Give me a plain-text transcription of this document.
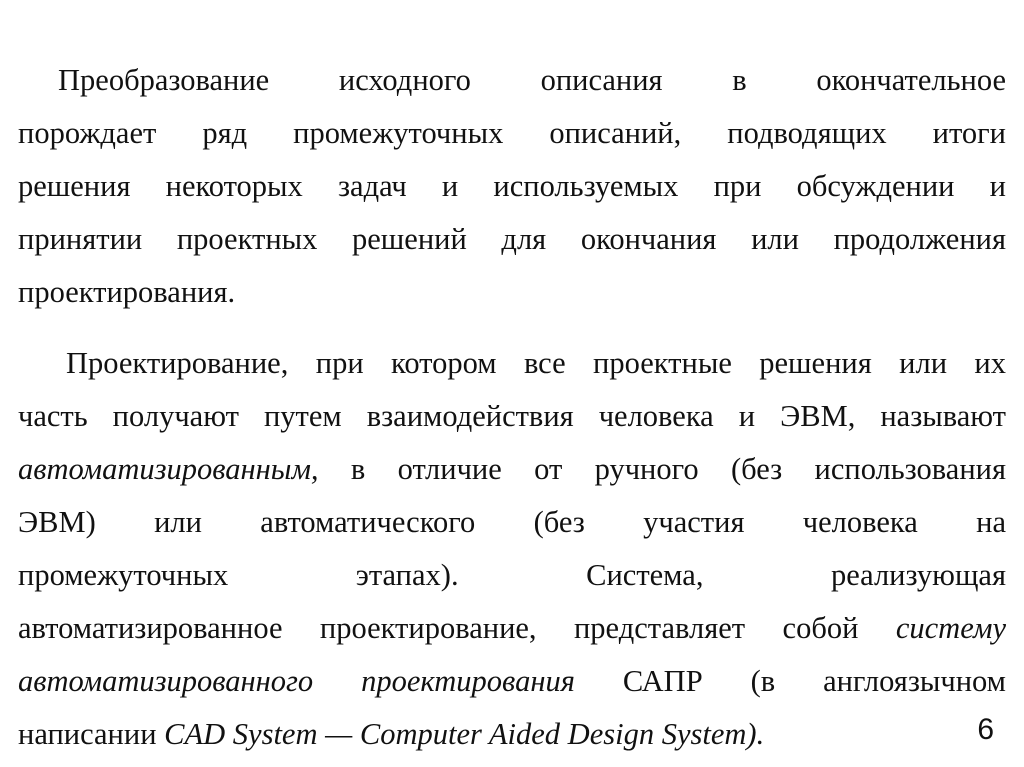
Преобразование исходного описания в окончательное
порождает ряд промежуточных описаний, подводящих итоги
решения некоторых задач и используемых при обсуждении и
принятии проектных решений для окончания или продолжения
проектирования.
Проектирование, при котором все проектные решения или их
часть получают путем взаимодействия человека и ЭВМ, называют
автоматизированным, в отличие от ручного (без использования
ЭВМ) или автоматического (без участия человека на
промежуточных этапах). Система, реализующая
автоматизированное проектирование, представляет собой систему
автоматизированного проектирования САПР (в англоязычном
написании CAD System — Computer Aided Design System).	6
